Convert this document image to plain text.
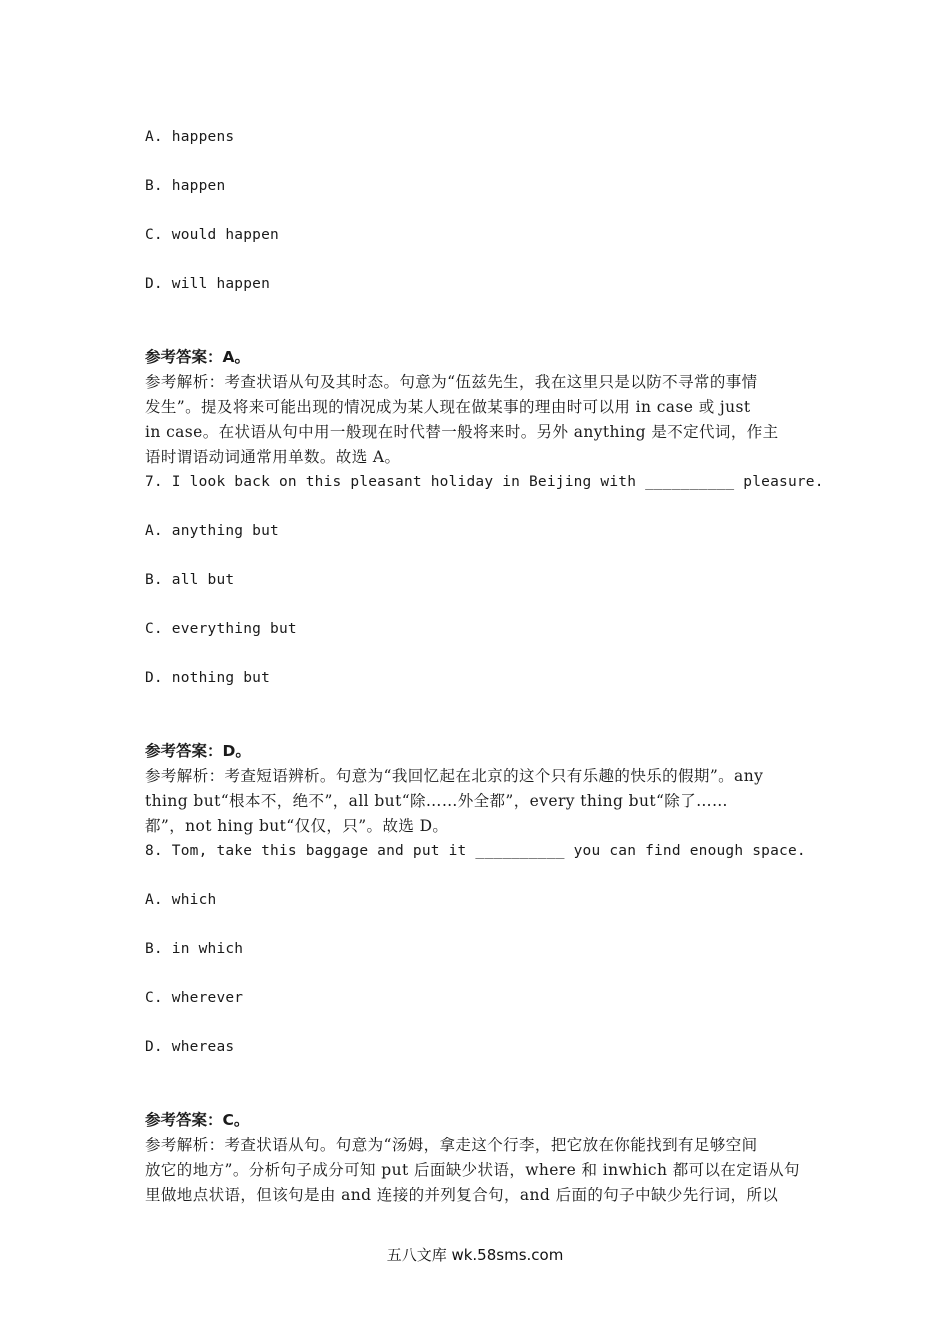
A. happens
B. happen
C. would happen
D. will happen
参考答案：A。
参考解析：考查状语从句及其时态。句意为“伍兹先生，我在这里只是以防不寻常的事情
发生”。提及将来可能出现的情况成为某人现在做某事的理由时可以用 in case 或 just
in case。在状语从句中用一般现在时代替一般将来时。另外 anything 是不定代词，作主
语时谓语动词通常用单数。故选 A。
7. I look back on this pleasant holiday in Beijing with __________ pleasure.
A. anything but
B. all but
C. everything but
D. nothing but
参考答案：D。
参考解析：考查短语辨析。句意为“我回忆起在北京的这个只有乐趣的快乐的假期”。any
thing but“根本不，绝不”，all but“除……外全都”，every thing but“除了……
都”，not hing but“仅仅，只”。故选 D。
8. Tom, take this baggage and put it __________ you can find enough space.
A. which
B. in which
C. wherever
D. whereas
参考答案：C。
参考解析：考查状语从句。句意为“汤姆，拿走这个行李，把它放在你能找到有足够空间
放它的地方”。分析句子成分可知 put 后面缺少状语，where 和 inwhich 都可以在定语从句
里做地点状语，但该句是由 and 连接的并列复合句，and 后面的句子中缺少先行词，所以
五八文库 wk.58sms.com
